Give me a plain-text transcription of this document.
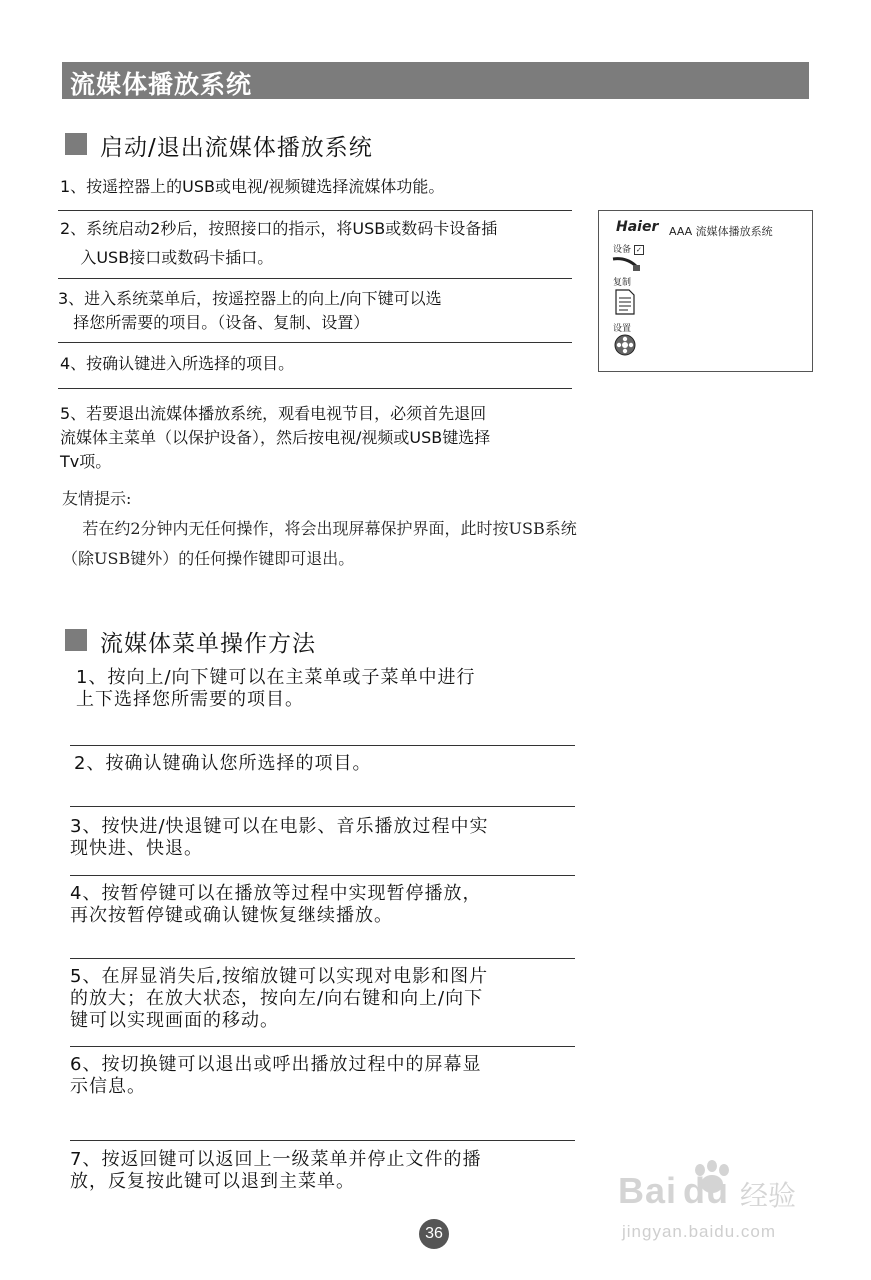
流媒体播放系统
启动/退出流媒体播放系统
1、按遥控器上的USB或电视/视频键选择流媒体功能。
2、系统启动2秒后，按照接口的指示，将USB或数码卡设备插
入USB接口或数码卡插口。
3、进入系统菜单后，按遥控器上的向上/向下键可以选
择您所需要的项目。（设备、复制、设置）
4、按确认键进入所选择的项目。
5、若要退出流媒体播放系统，观看电视节目，必须首先退回
流媒体主菜单（以保护设备），然后按电视/视频或USB键选择
Tv项。
友情提示:
若在约2分钟内无任何操作，将会出现屏幕保护界面，此时按USB系统
（除USB键外）的任何操作键即可退出。
Haier AAA 流媒体播放系统
设备 ✓
复制
设置
流媒体菜单操作方法
1、按向上/向下键可以在主菜单或子菜单中进行
上下选择您所需要的项目。
2、按确认键确认您所选择的项目。
3、按快进/快退键可以在电影、音乐播放过程中实
现快进、快退。
4、按暂停键可以在播放等过程中实现暂停播放，
再次按暂停键或确认键恢复继续播放。
5、在屏显消失后,按缩放键可以实现对电影和图片
的放大；在放大状态，按向左/向右键和向上/向下
键可以实现画面的移动。
6、按切换键可以退出或呼出播放过程中的屏幕显
示信息。
7、按返回键可以返回上一级菜单并停止文件的播
放，反复按此键可以退到主菜单。
36
Bai du 经验
jingyan.baidu.com
